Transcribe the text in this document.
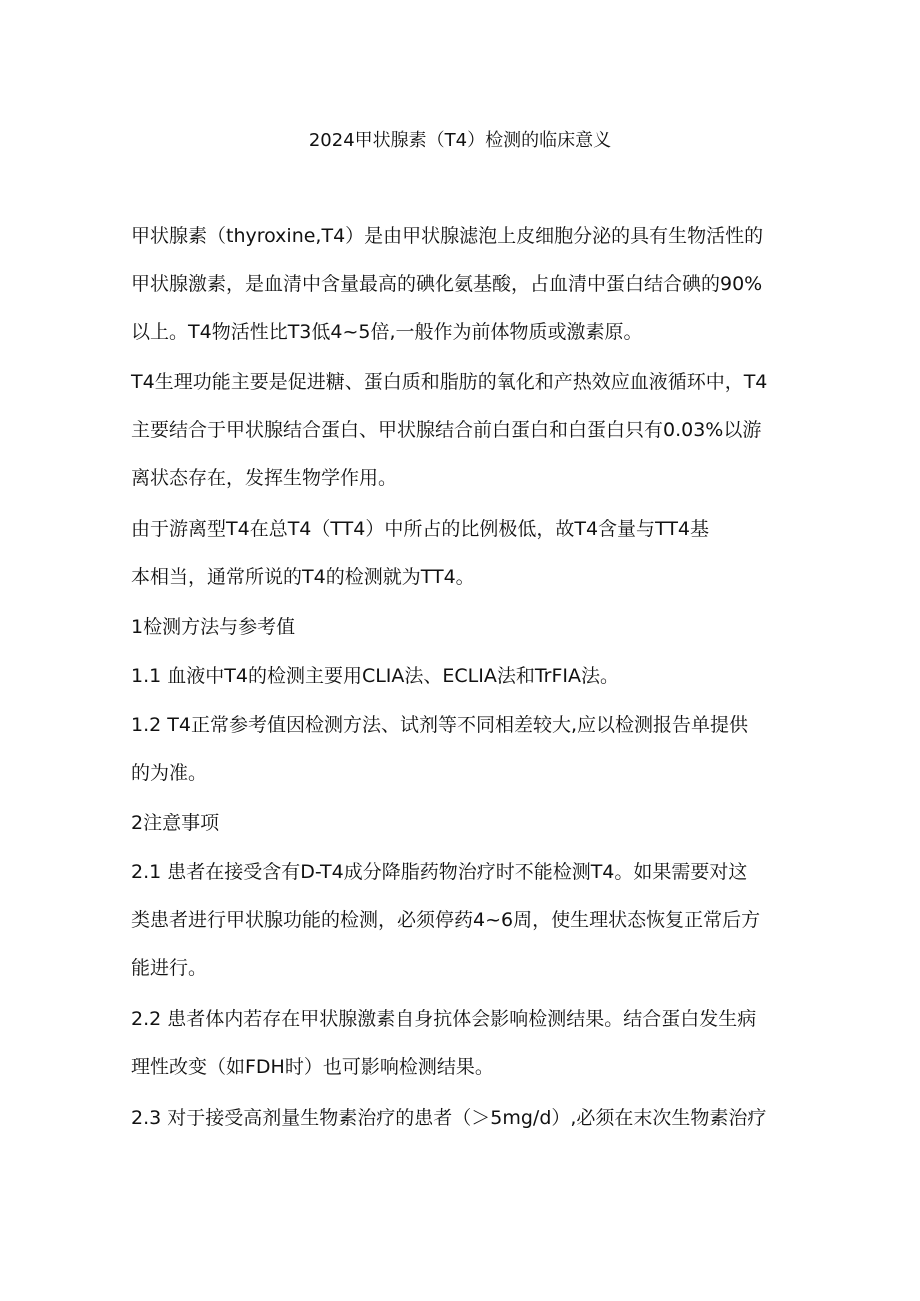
2024甲状腺素（T4）检测的临床意义
甲状腺素（thyroxine,T4）是由甲状腺滤泡上皮细胞分泌的具有生物活性的
甲状腺激素，是血清中含量最高的碘化氨基酸，占血清中蛋白结合碘的90%
以上。T4物活性比T3低4~5倍,一般作为前体物质或激素原。
T4生理功能主要是促进糖、蛋白质和脂肪的氧化和产热效应血液循环中，T4
主要结合于甲状腺结合蛋白、甲状腺结合前白蛋白和白蛋白只有0.03%以游
离状态存在，发挥生物学作用。
由于游离型T4在总T4（TT4）中所占的比例极低，故T4含量与TT4基
本相当，通常所说的T4的检测就为TT4。
1检测方法与参考值
1.1 血液中T4的检测主要用CLIA法、ECLIA法和TrFIA法。
1.2 T4正常参考值因检测方法、试剂等不同相差较大,应以检测报告单提供
的为准。
2注意事项
2.1 患者在接受含有D-T4成分降脂药物治疗时不能检测T4。如果需要对这
类患者进行甲状腺功能的检测，必须停药4~6周，使生理状态恢复正常后方
能进行。
2.2 患者体内若存在甲状腺激素自身抗体会影响检测结果。结合蛋白发生病
理性改变（如FDH时）也可影响检测结果。
2.3 对于接受高剂量生物素治疗的患者（＞5mg∕d）,必须在末次生物素治疗
